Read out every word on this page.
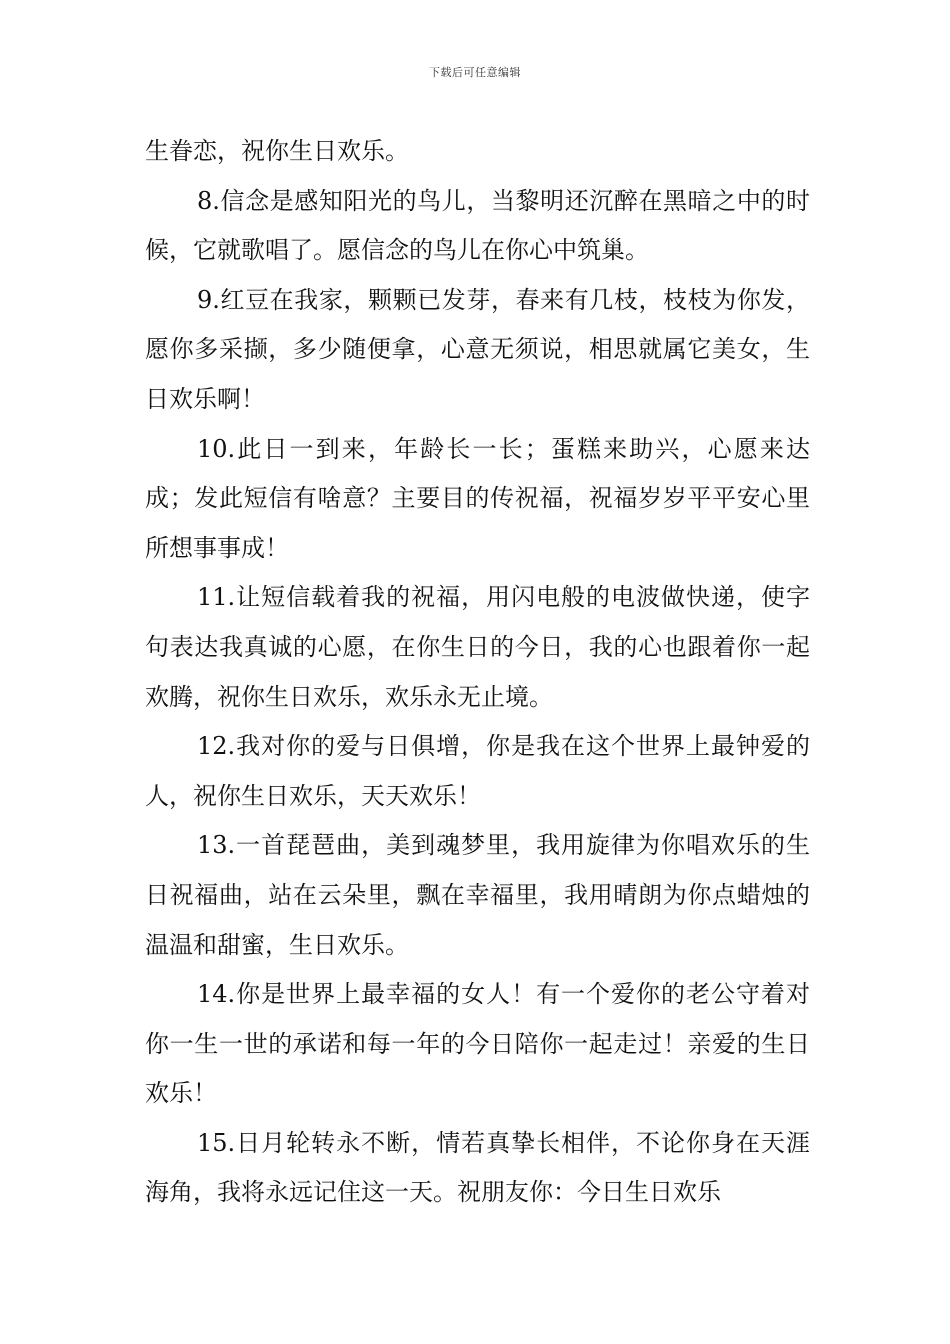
下载后可任意编辑

生眷恋，祝你生日欢乐。

8.信念是感知阳光的鸟儿，当黎明还沉醉在黑暗之中的时候，它就歌唱了。愿信念的鸟儿在你心中筑巢。

9.红豆在我家，颗颗已发芽，春来有几枝，枝枝为你发，愿你多采撷，多少随便拿，心意无须说，相思就属它美女，生日欢乐啊！

10.此日一到来，年龄长一长；蛋糕来助兴，心愿来达成；发此短信有啥意？主要目的传祝福，祝福岁岁平平安心里所想事事成！

11.让短信载着我的祝福，用闪电般的电波做快递，使字句表达我真诚的心愿，在你生日的今日，我的心也跟着你一起欢腾，祝你生日欢乐，欢乐永无止境。

12.我对你的爱与日俱增，你是我在这个世界上最钟爱的人，祝你生日欢乐，天天欢乐！

13.一首琵琶曲，美到魂梦里，我用旋律为你唱欢乐的生日祝福曲，站在云朵里，飘在幸福里，我用晴朗为你点蜡烛的温温和甜蜜，生日欢乐。

14.你是世界上最幸福的女人！有一个爱你的老公守着对你一生一世的承诺和每一年的今日陪你一起走过！亲爱的生日欢乐！

15.日月轮转永不断，情若真挚长相伴，不论你身在天涯海角，我将永远记住这一天。祝朋友你：今日生日欢乐
